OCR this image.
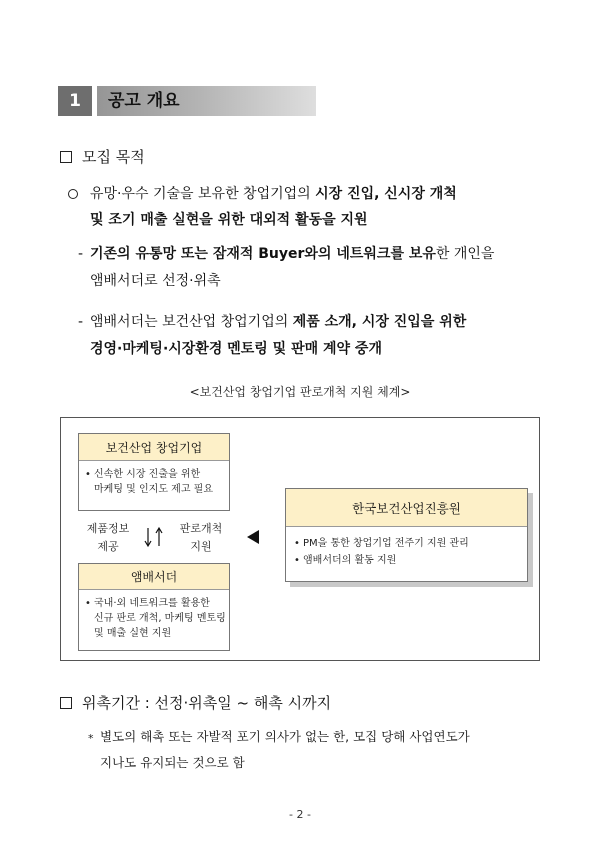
1	공고 개요
모집 목적
유망·우수 기술을 보유한 창업기업의 시장 진입, 신시장 개척
및 조기 매출 실현을 위한 대외적 활동을 지원
- 기존의 유통망 또는 잠재적 Buyer와의 네트워크를 보유한 개인을
앰배서더로 선정·위촉
- 앰배서더는 보건산업 창업기업의 제품 소개, 시장 진입을 위한
경영·마케팅·시장환경 멘토링 및 판매 계약 중개
<보건산업 창업기업 판로개척 지원 체계>
보건산업 창업기업
• 신속한 시장 진출을 위한
마케팅 및 인지도 제고 필요
제품정보
제공
판로개척
지원
앰배서더
• 국내·외 네트워크를 활용한
신규 판로 개척, 마케팅 멘토링
및 매출 실현 지원
한국보건산업진흥원
• PM을 통한 창업기업 전주기 지원 관리
• 앰배서더의 활동 지원
위촉기간 : 선정·위촉일 ~ 해촉 시까지
* 별도의 해촉 또는 자발적 포기 의사가 없는 한, 모집 당해 사업연도가
지나도 유지되는 것으로 함
- 2 -
